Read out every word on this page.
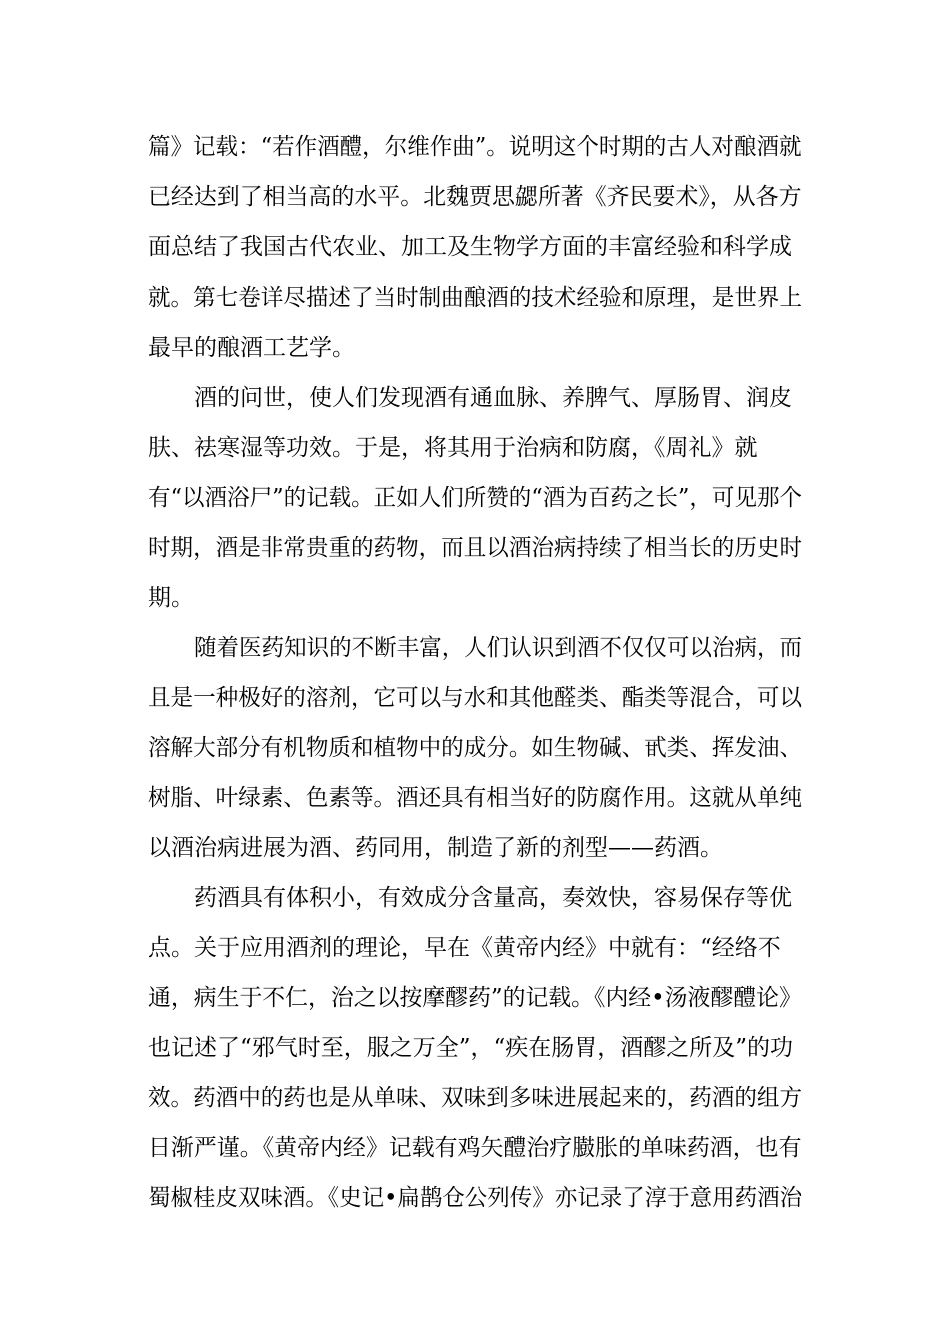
篇》记载：“若作酒醴，尔维作曲”。说明这个时期的古人对酿酒就
已经达到了相当高的水平。北魏贾思勰所著《齐民要术》，从各方
面总结了我国古代农业、加工及生物学方面的丰富经验和科学成
就。第七卷详尽描述了当时制曲酿酒的技术经验和原理，是世界上
最早的酿酒工艺学。
酒的问世，使人们发现酒有通血脉、养脾气、厚肠胃、润皮
肤、祛寒湿等功效。于是，将其用于治病和防腐，《周礼》就
有“以酒浴尸”的记载。正如人们所赞的“酒为百药之长”，可见那个
时期，酒是非常贵重的药物，而且以酒治病持续了相当长的历史时
期。
随着医药知识的不断丰富，人们认识到酒不仅仅可以治病，而
且是一种极好的溶剂，它可以与水和其他醛类、酯类等混合，可以
溶解大部分有机物质和植物中的成分。如生物碱、甙类、挥发油、
树脂、叶绿素、色素等。酒还具有相当好的防腐作用。这就从单纯
以酒治病进展为酒、药同用，制造了新的剂型——药酒。
药酒具有体积小，有效成分含量高，奏效快，容易保存等优
点。关于应用酒剂的理论，早在《黄帝内经》中就有：“经络不
通，病生于不仁，治之以按摩醪药”的记载。《内经•汤液醪醴论》
也记述了“邪气时至，服之万全”，“疾在肠胃，酒醪之所及”的功
效。药酒中的药也是从单味、双味到多味进展起来的，药酒的组方
日渐严谨。《黄帝内经》记载有鸡矢醴治疗臌胀的单味药酒，也有
蜀椒桂皮双味酒。《史记•扁鹊仓公列传》亦记录了淳于意用药酒治
